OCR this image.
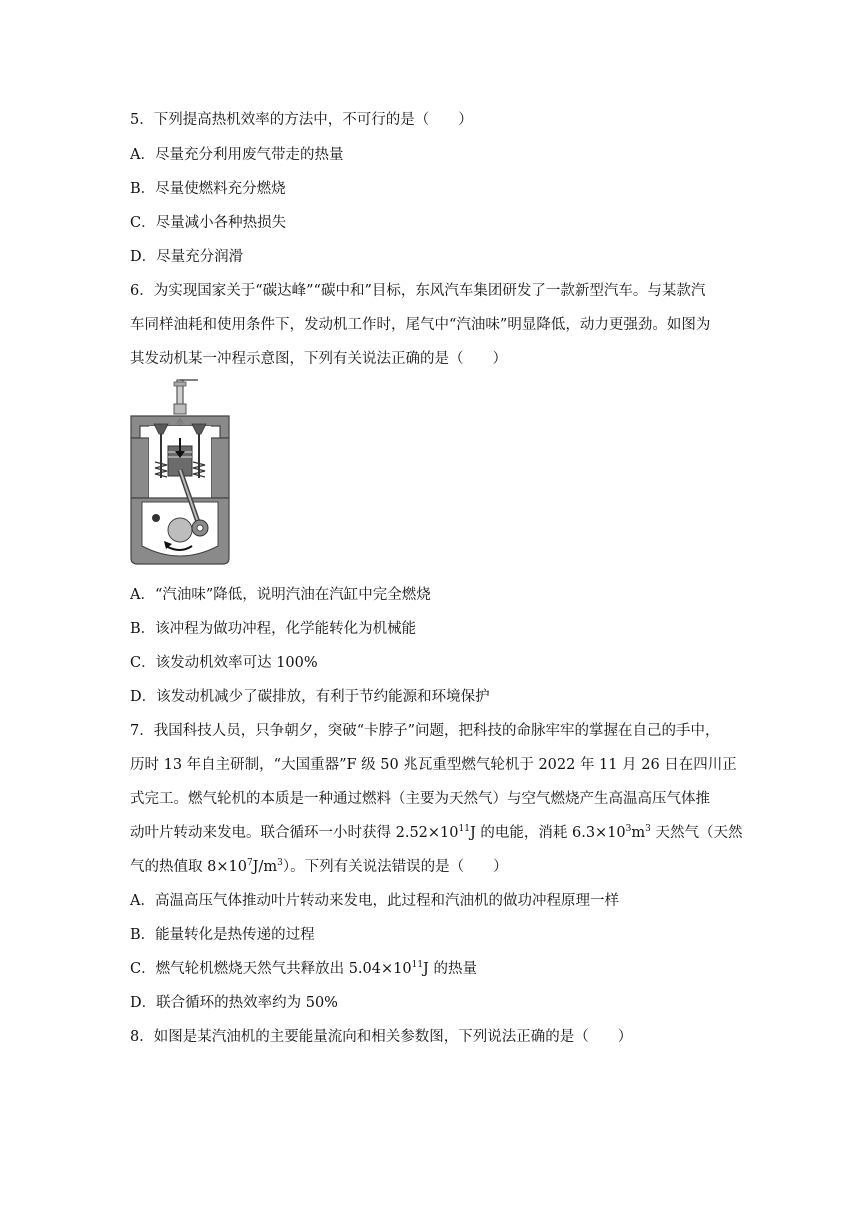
5．下列提高热机效率的方法中，不可行的是（　　）
A．尽量充分利用废气带走的热量
B．尽量使燃料充分燃烧
C．尽量减小各种热损失
D．尽量充分润滑
6．为实现国家关于“碳达峰”“碳中和”目标，东风汽车集团研发了一款新型汽车。与某款汽
车同样油耗和使用条件下，发动机工作时，尾气中“汽油味”明显降低，动力更强劲。如图为
其发动机某一冲程示意图，下列有关说法正确的是（　　）
A．“汽油味”降低，说明汽油在汽缸中完全燃烧
B．该冲程为做功冲程，化学能转化为机械能
C．该发动机效率可达 100%
D．该发动机减少了碳排放，有利于节约能源和环境保护
7．我国科技人员，只争朝夕，突破“卡脖子”问题，把科技的命脉牢牢的掌握在自己的手中，
历时 13 年自主研制，“大国重器”F 级 50 兆瓦重型燃气轮机于 2022 年 11 月 26 日在四川正
式完工。燃气轮机的本质是一种通过燃料（主要为天然气）与空气燃烧产生高温高压气体推
动叶片转动来发电。联合循环一小时获得 $2.52\times 10^{11}J$ 的电能，消耗 $6.3\times 10^3m^3$ 天然气（天然
气的热值取 $8\times 10^7J/m^3$）。下列有关说法错误的是（　　）
A．高温高压气体推动叶片转动来发电，此过程和汽油机的做功冲程原理一样
B．能量转化是热传递的过程
C．燃气轮机燃烧天然气共释放出 $5.04\times 10^{11}J$ 的热量
D．联合循环的热效率约为 50%
8．如图是某汽油机的主要能量流向和相关参数图，下列说法正确的是（　　）
